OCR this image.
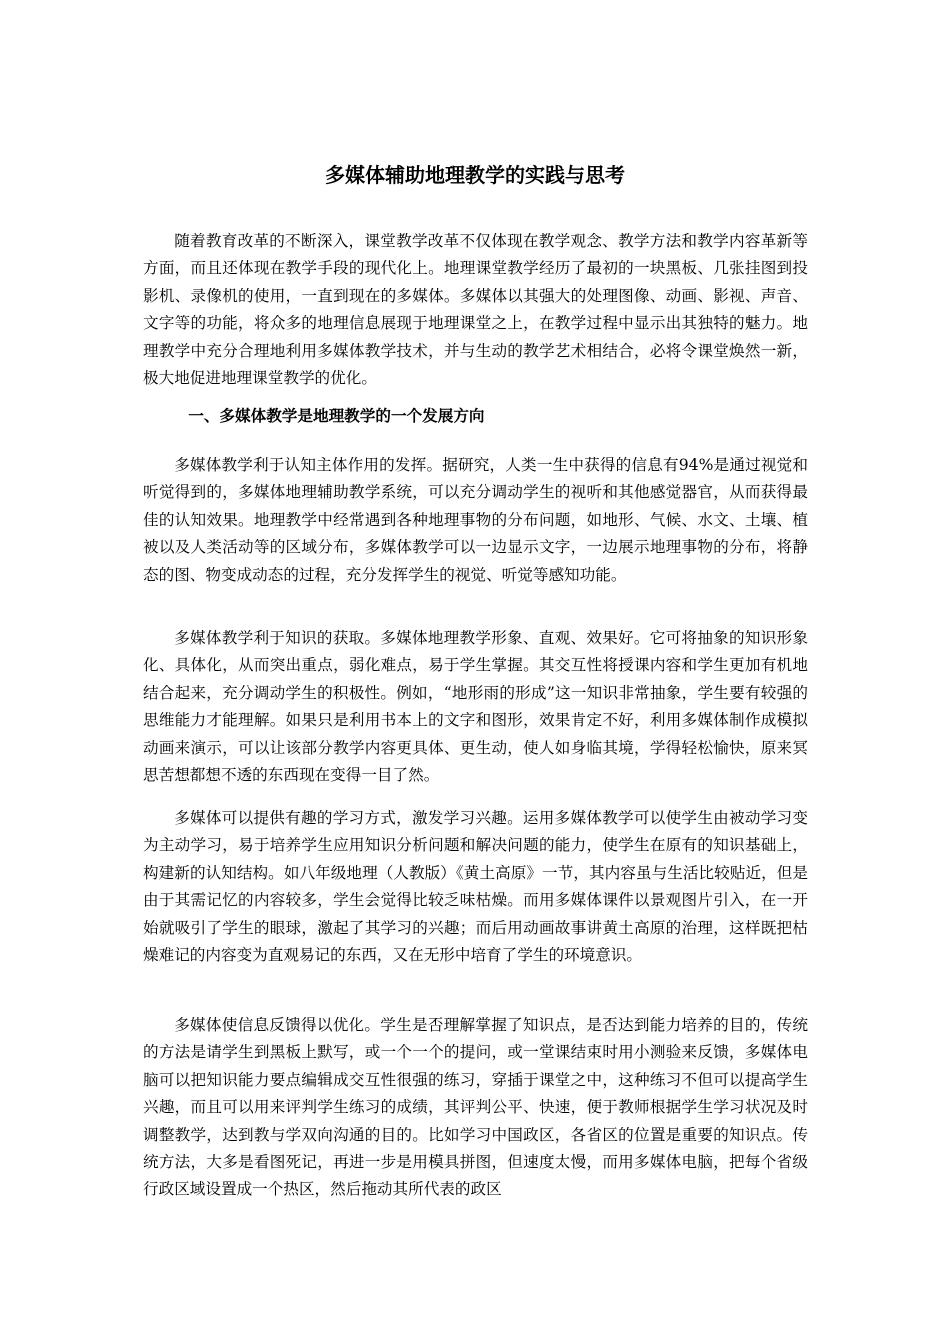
多媒体辅助地理教学的实践与思考

随着教育改革的不断深入，课堂教学改革不仅体现在教学观念、教学方法和教学内容革新等方面，而且还体现在教学手段的现代化上。地理课堂教学经历了最初的一块黑板、几张挂图到投影机、录像机的使用，一直到现在的多媒体。多媒体以其强大的处理图像、动画、影视、声音、文字等的功能，将众多的地理信息展现于地理课堂之上，在教学过程中显示出其独特的魅力。地理教学中充分合理地利用多媒体教学技术，并与生动的教学艺术相结合，必将令课堂焕然一新，极大地促进地理课堂教学的优化。

一、多媒体教学是地理教学的一个发展方向

多媒体教学利于认知主体作用的发挥。据研究，人类一生中获得的信息有94%是通过视觉和听觉得到的，多媒体地理辅助教学系统，可以充分调动学生的视听和其他感觉器官，从而获得最佳的认知效果。地理教学中经常遇到各种地理事物的分布问题，如地形、气候、水文、土壤、植被以及人类活动等的区域分布，多媒体教学可以一边显示文字，一边展示地理事物的分布，将静态的图、物变成动态的过程，充分发挥学生的视觉、听觉等感知功能。

多媒体教学利于知识的获取。多媒体地理教学形象、直观、效果好。它可将抽象的知识形象化、具体化，从而突出重点，弱化难点，易于学生掌握。其交互性将授课内容和学生更加有机地结合起来，充分调动学生的积极性。例如，“地形雨的形成”这一知识非常抽象，学生要有较强的思维能力才能理解。如果只是利用书本上的文字和图形，效果肯定不好，利用多媒体制作成模拟动画来演示，可以让该部分教学内容更具体、更生动，使人如身临其境，学得轻松愉快，原来冥思苦想都想不透的东西现在变得一目了然。

多媒体可以提供有趣的学习方式，激发学习兴趣。运用多媒体教学可以使学生由被动学习变为主动学习，易于培养学生应用知识分析问题和解决问题的能力，使学生在原有的知识基础上，构建新的认知结构。如八年级地理（人教版）《黄土高原》一节，其内容虽与生活比较贴近，但是由于其需记忆的内容较多，学生会觉得比较乏味枯燥。而用多媒体课件以景观图片引入，在一开始就吸引了学生的眼球，激起了其学习的兴趣；而后用动画故事讲黄土高原的治理，这样既把枯燥难记的内容变为直观易记的东西，又在无形中培育了学生的环境意识。

多媒体使信息反馈得以优化。学生是否理解掌握了知识点，是否达到能力培养的目的，传统的方法是请学生到黑板上默写，或一个一个的提问，或一堂课结束时用小测验来反馈，多媒体电脑可以把知识能力要点编辑成交互性很强的练习，穿插于课堂之中，这种练习不但可以提高学生兴趣，而且可以用来评判学生练习的成绩，其评判公平、快速，便于教师根据学生学习状况及时调整教学，达到教与学双向沟通的目的。比如学习中国政区，各省区的位置是重要的知识点。传统方法，大多是看图死记，再进一步是用模具拼图，但速度太慢，而用多媒体电脑，把每个省级行政区域设置成一个热区，然后拖动其所代表的政区
